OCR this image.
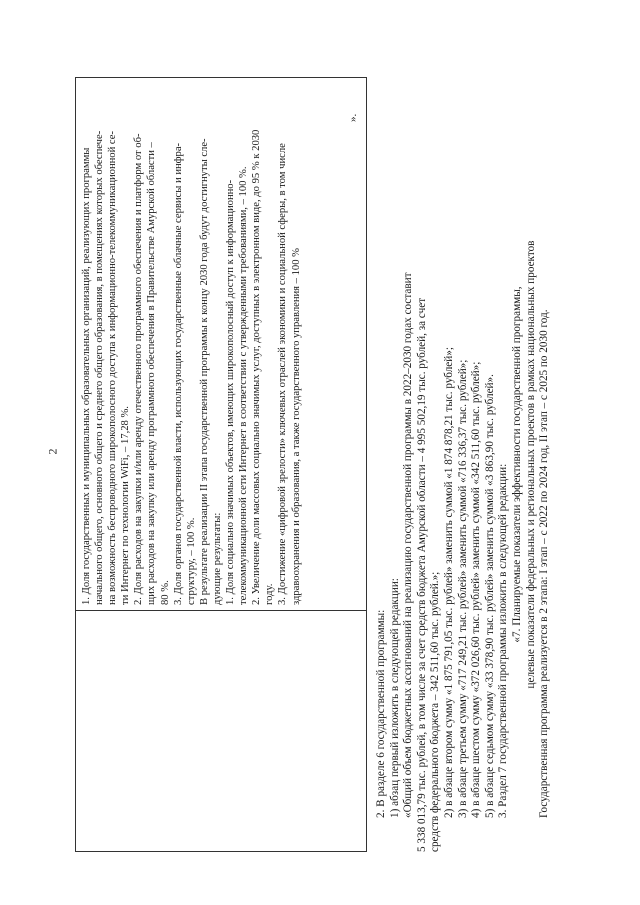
2 1. Доля государственных и муниципальных образовательных организаций, реализующих программы начального общего, основного общего и среднего общего образования, в помещениях которых обеспече- на возможность беспроводного широкополосного доступа к информационно-телекоммуникационной се- ти Интернет по технологии WiFi, – 17,28 %. 2. Доля расходов на закупки и/или аренду отечественного программного обеспечения и платформ от об- щих расходов на закупку или аренду программного обеспечения в Правительстве Амурской области – 80 %. 3. Доля органов государственной власти, использующих государственные облачные сервисы и инфра- структуру, – 100 %. В результате реализации II этапа государственной программы к концу 2030 года будут достигнуты сле- дующие результаты: 1. Доля социально значимых объектов, имеющих широкополосный доступ к информационно- телекоммуникационной сети Интернет в соответствии с утвержденными требованиями, – 100 %. 2. Увеличение доли массовых социально значимых услуг, доступных в электронном виде, до 95 % к 2030 году. 3. Достижение «цифровой зрелости» ключевых отраслей экономики и социальной сферы, в том числе здравоохранения и образования, а также государственного управления – 100 %

».

2. В разделе 6 государственной программы: 1) абзац первый изложить в следующей редакции: «Общий объем бюджетных ассигнований на реализацию государственной программы в 2022–2030 годах составит 5 338 013,79 тыс. рублей, в том числе за счет средств бюджета Амурской области – 4 995 502,19 тыс. рублей, за счет средств федерального бюджета – 342 511,60 тыс. рублей.»; 2) в абзаце втором сумму «1 875 791,05 тыс. рублей» заменить суммой «1 874 878,21 тыс. рублей»; 3) в абзаце третьем сумму «717 249,21 тыс. рублей» заменить суммой «716 336,37 тыс. рублей»; 4) в абзаце шестом сумму «372 026,60 тыс. рублей» заменить суммой «342 511,60 тыс. рублей»; 5) в абзаце седьмом сумму «33 378,90 тыс. рублей» заменить суммой «3 863,90 тыс. рублей». 3. Раздел 7 государственной программы изложить в следующей редакции: «7. Планируемые показатели эффективности государственной программы, целевые показатели федеральных и региональных проектов в рамках национальных проектов Государственная программа реализуется в 2 этапа: I этап – с 2022 по 2024 год, II этап – с 2025 по 2030 год.
